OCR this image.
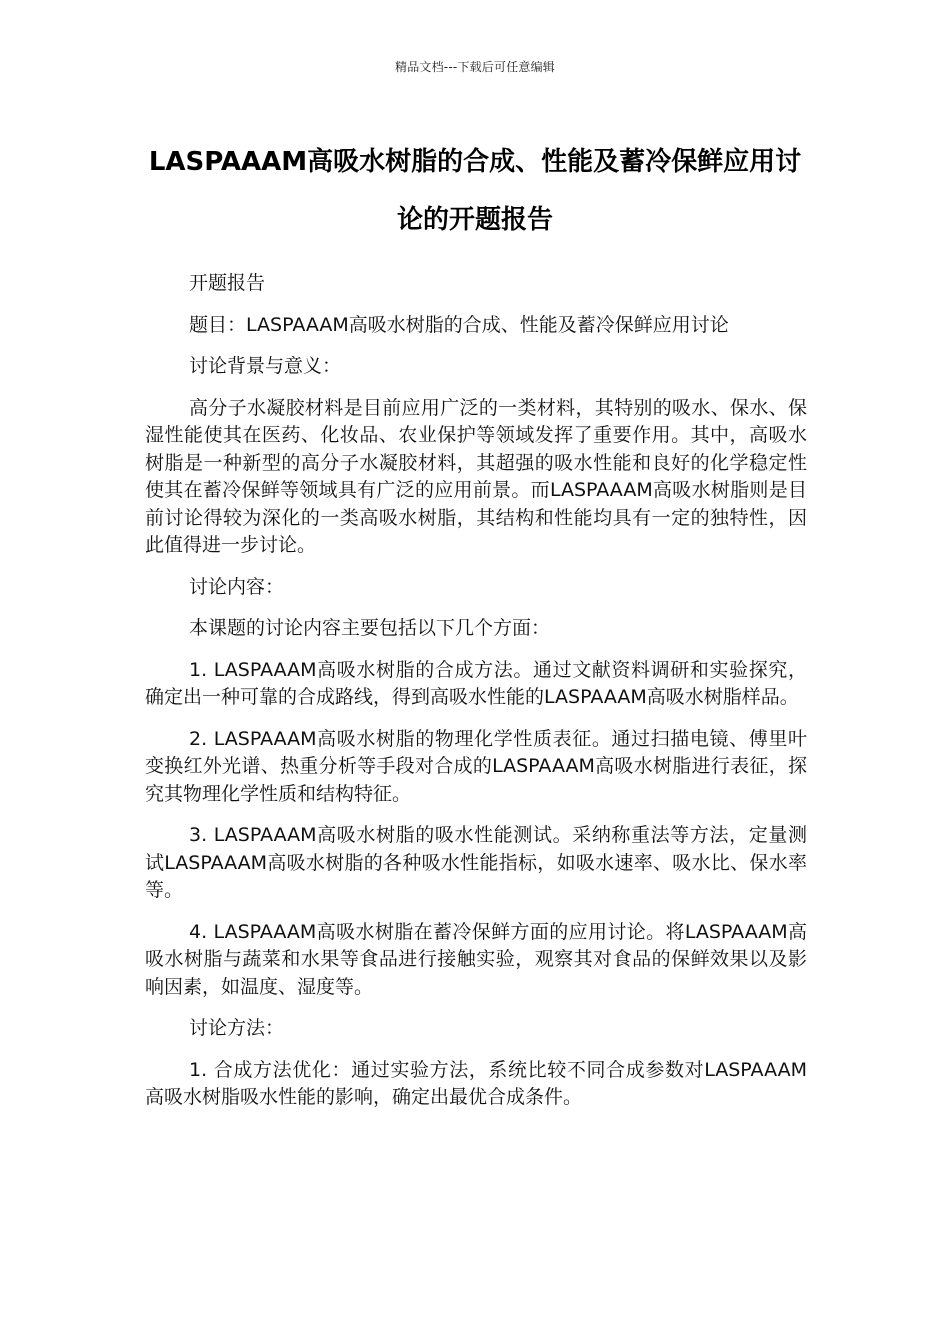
精品文档---下载后可任意编辑
LASPAAAM高吸水树脂的合成、性能及蓄冷保鲜应用讨论的开题报告

开题报告

题目：LASPAAAM高吸水树脂的合成、性能及蓄冷保鲜应用讨论

讨论背景与意义：

高分子水凝胶材料是目前应用广泛的一类材料，其特别的吸水、保水、保湿性能使其在医药、化妆品、农业保护等领域发挥了重要作用。其中，高吸水树脂是一种新型的高分子水凝胶材料，其超强的吸水性能和良好的化学稳定性使其在蓄冷保鲜等领域具有广泛的应用前景。而LASPAAAM高吸水树脂则是目前讨论得较为深化的一类高吸水树脂，其结构和性能均具有一定的独特性，因此值得进一步讨论。

讨论内容：

本课题的讨论内容主要包括以下几个方面：

1. LASPAAAM高吸水树脂的合成方法。通过文献资料调研和实验探究，确定出一种可靠的合成路线，得到高吸水性能的LASPAAAM高吸水树脂样品。

2. LASPAAAM高吸水树脂的物理化学性质表征。通过扫描电镜、傅里叶变换红外光谱、热重分析等手段对合成的LASPAAAM高吸水树脂进行表征，探究其物理化学性质和结构特征。

3. LASPAAAM高吸水树脂的吸水性能测试。采纳称重法等方法，定量测试LASPAAAM高吸水树脂的各种吸水性能指标，如吸水速率、吸水比、保水率等。

4. LASPAAAM高吸水树脂在蓄冷保鲜方面的应用讨论。将LASPAAAM高吸水树脂与蔬菜和水果等食品进行接触实验，观察其对食品的保鲜效果以及影响因素，如温度、湿度等。

讨论方法：

1. 合成方法优化：通过实验方法，系统比较不同合成参数对LASPAAAM高吸水树脂吸水性能的影响，确定出最优合成条件。
